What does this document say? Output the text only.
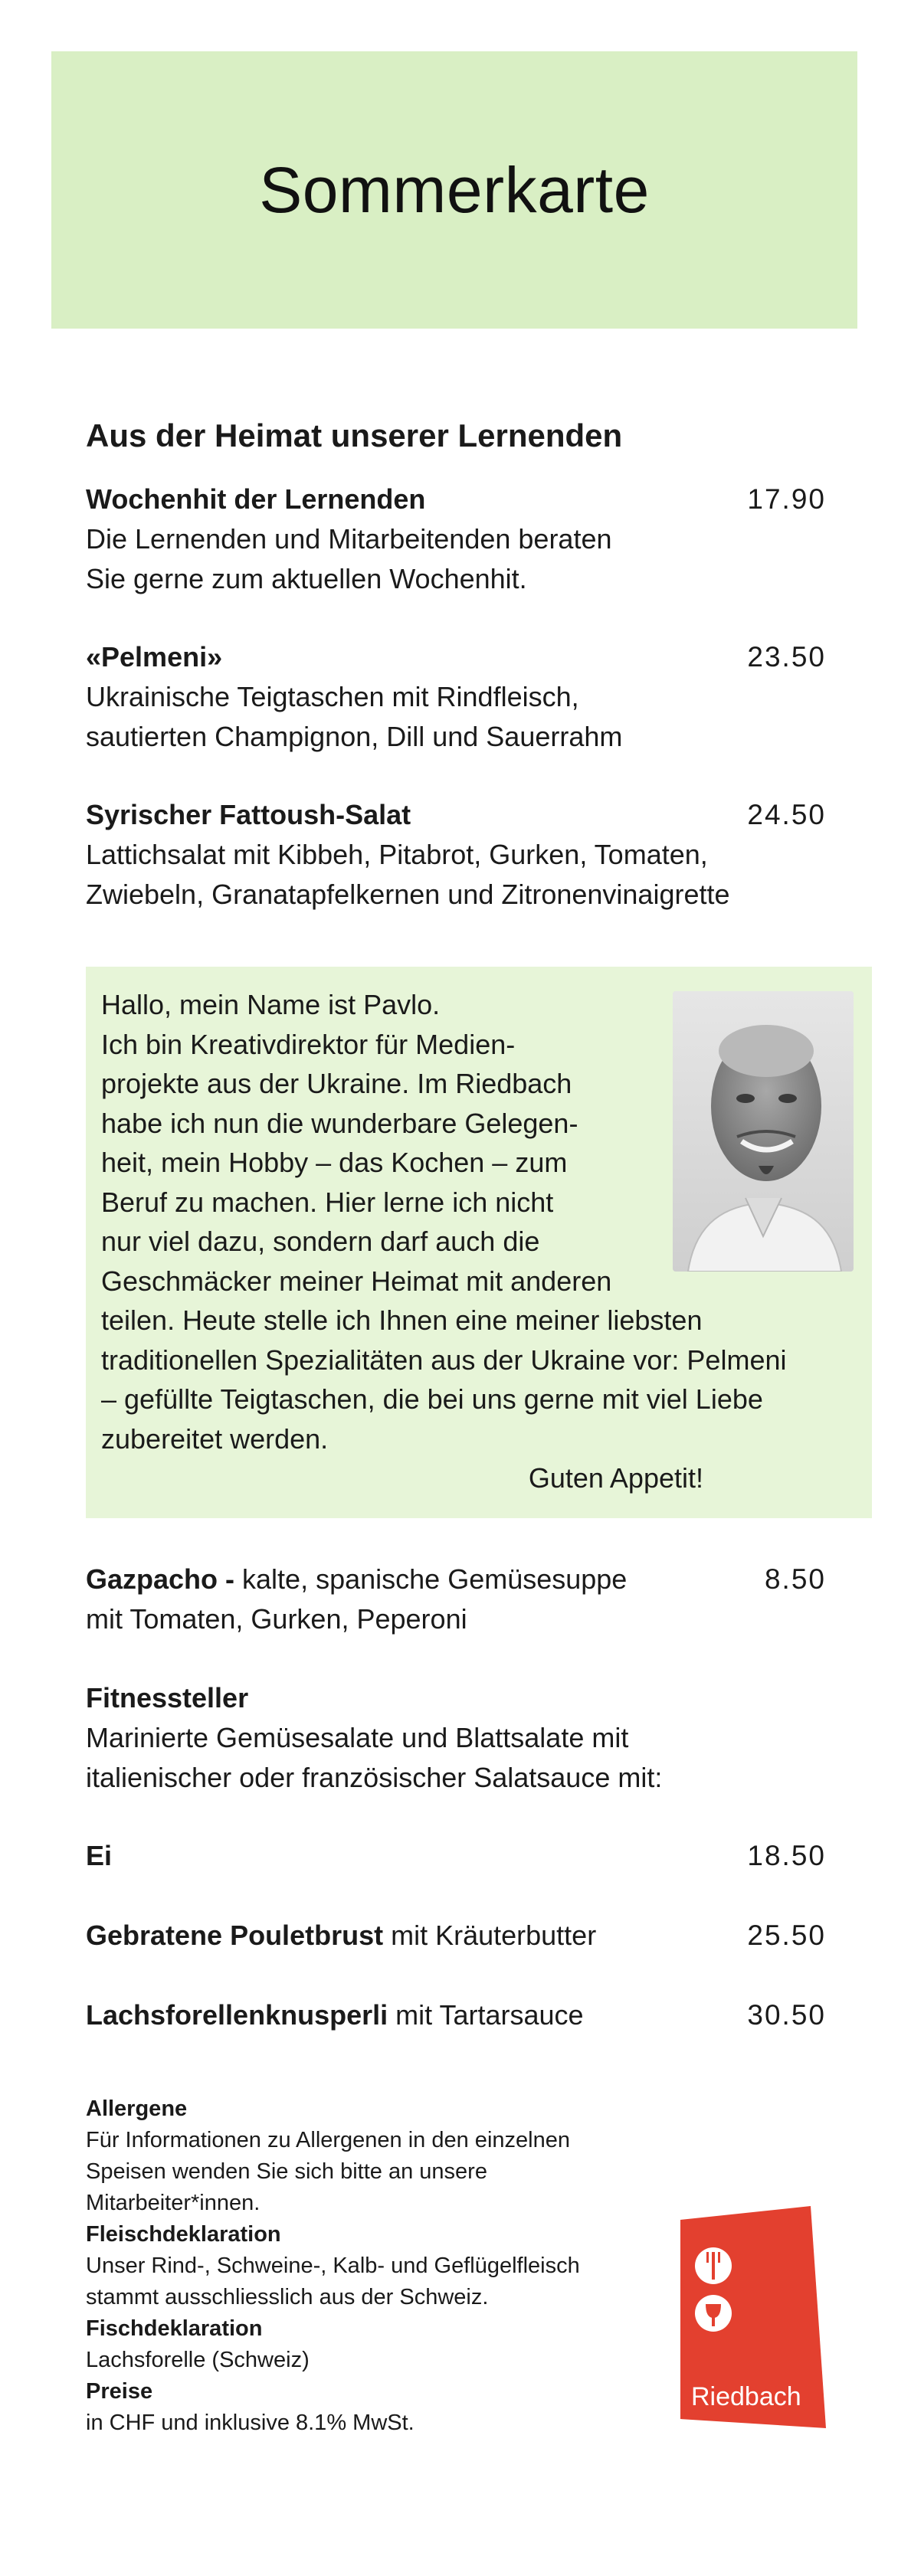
Sommerkarte
Aus der Heimat unserer Lernenden
Wochenhit der Lernenden	17.90
Die Lernenden und Mitarbeitenden beraten
Sie gerne zum aktuellen Wochenhit.
«Pelmeni»	23.50
Ukrainische Teigtaschen mit Rindfleisch,
sautierten Champignon, Dill und Sauerrahm
Syrischer Fattoush-Salat	24.50
Lattichsalat mit Kibbeh, Pitabrot, Gurken, Tomaten,
Zwiebeln, Granatapfelkernen und Zitronenvinaigrette

Hallo, mein Name ist Pavlo.
Ich bin Kreativdirektor für Medien-
projekte aus der Ukraine. Im Riedbach
habe ich nun die wunderbare Gelegen-
heit, mein Hobby – das Kochen – zum
Beruf zu machen. Hier lerne ich nicht
nur viel dazu, sondern darf auch die
Geschmäcker meiner Heimat mit anderen
teilen. Heute stelle ich Ihnen eine meiner liebsten
traditionellen Spezialitäten aus der Ukraine vor: Pelmeni
– gefüllte Teigtaschen, die bei uns gerne mit viel Liebe
zubereitet werden.

Guten Appetit!
Gazpacho - kalte, spanische Gemüsesuppe	8.50
mit Tomaten, Gurken, Peperoni
Fitnessteller
Marinierte Gemüsesalate und Blattsalate mit
italienischer oder französischer Salatsauce mit:
Ei	18.50
Gebratene Pouletbrust mit Kräuterbutter	25.50
Lachsforellenknusperli mit Tartarsauce	30.50
Allergene
Für Informationen zu Allergenen in den einzelnen
Speisen wenden Sie sich bitte an unsere
Mitarbeiter*innen.
Fleischdeklaration
Unser Rind-, Schweine-, Kalb- und Geflügelfleisch
stammt ausschliesslich aus der Schweiz.
Fischdeklaration
Lachsforelle (Schweiz)
Preise
in CHF und inklusive 8.1% MwSt.
Riedbach
